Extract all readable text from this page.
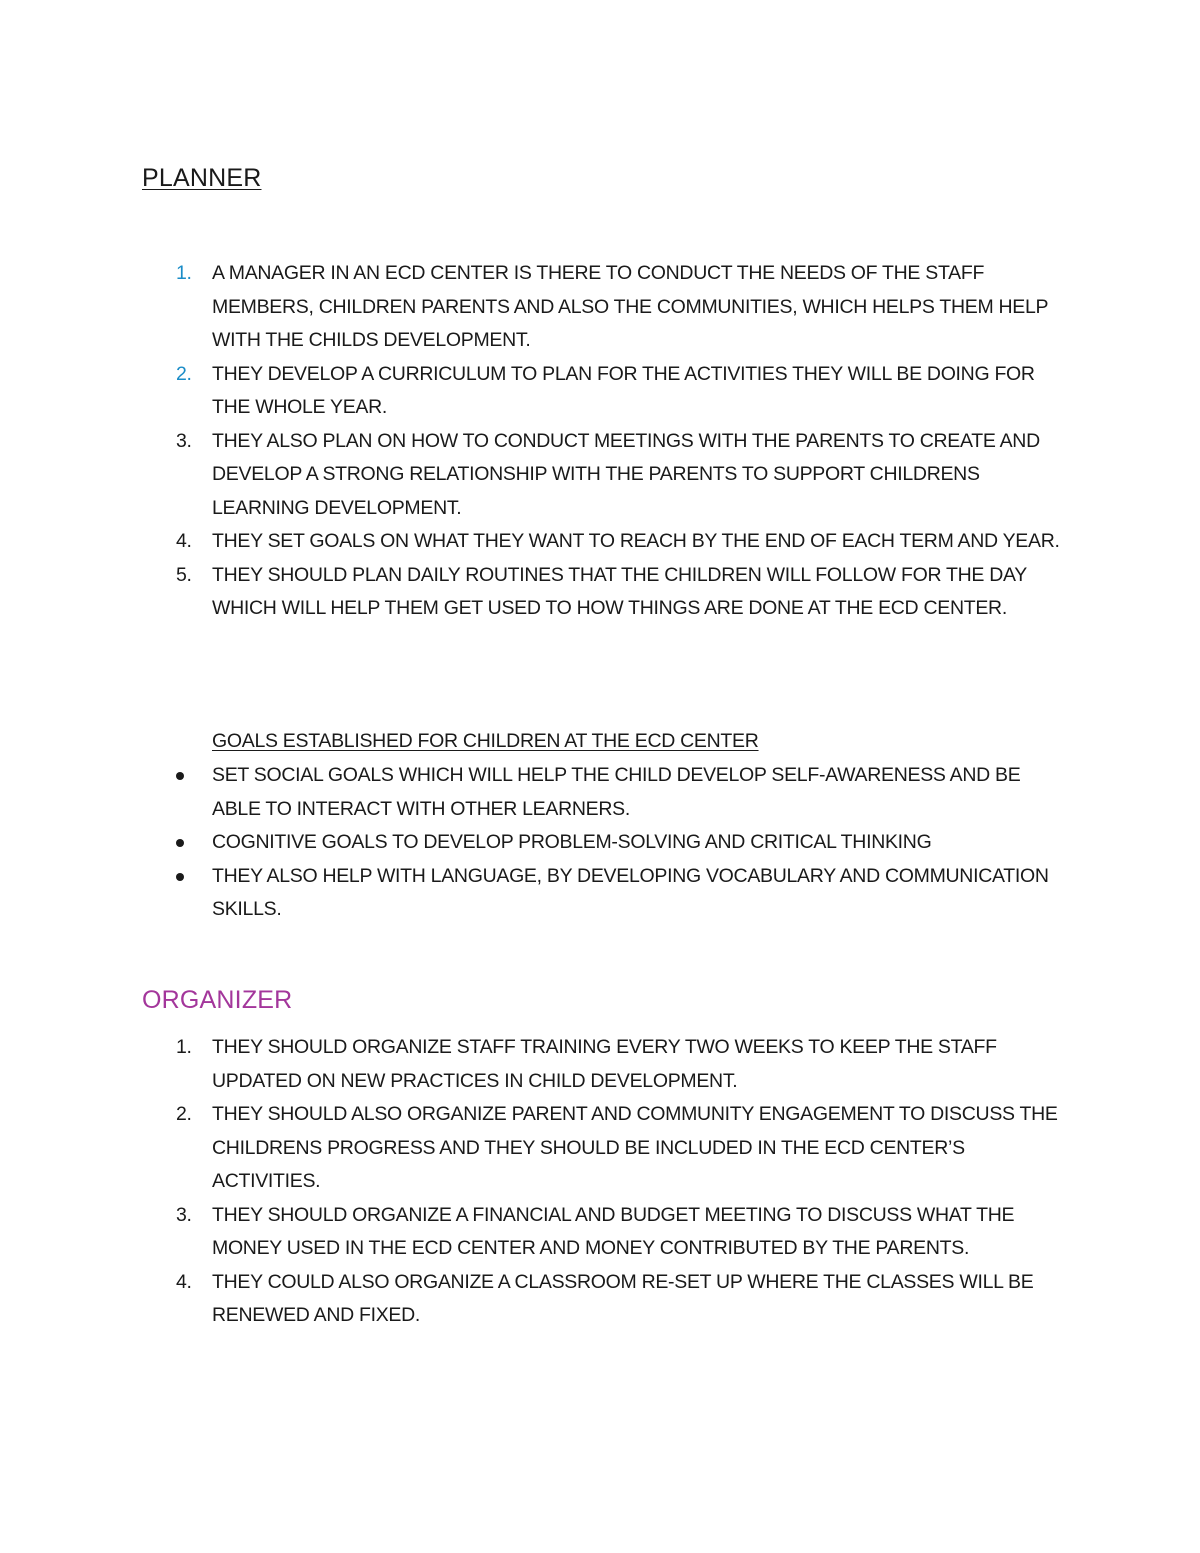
PLANNER
1. A MANAGER IN AN ECD CENTER IS THERE TO CONDUCT THE NEEDS OF THE STAFF MEMBERS, CHILDREN PARENTS AND ALSO THE COMMUNITIES, WHICH HELPS THEM HELP WITH THE CHILDS DEVELOPMENT.
2. THEY DEVELOP A CURRICULUM TO PLAN FOR THE ACTIVITIES THEY WILL BE DOING FOR THE WHOLE YEAR.
3. THEY ALSO PLAN ON HOW TO CONDUCT MEETINGS WITH THE PARENTS TO CREATE AND DEVELOP A STRONG RELATIONSHIP WITH THE PARENTS TO SUPPORT CHILDRENS LEARNING DEVELOPMENT.
4. THEY SET GOALS ON WHAT THEY WANT TO REACH BY THE END OF EACH TERM AND YEAR.
5. THEY SHOULD PLAN DAILY ROUTINES THAT THE CHILDREN WILL FOLLOW FOR THE DAY WHICH WILL HELP THEM GET USED TO HOW THINGS ARE DONE AT THE ECD CENTER.
GOALS ESTABLISHED FOR CHILDREN AT THE ECD CENTER
SET SOCIAL GOALS WHICH WILL HELP THE CHILD DEVELOP SELF-AWARENESS AND BE ABLE TO INTERACT WITH OTHER LEARNERS.
COGNITIVE GOALS TO DEVELOP PROBLEM-SOLVING AND CRITICAL THINKING
THEY ALSO HELP WITH LANGUAGE, BY DEVELOPING VOCABULARY AND COMMUNICATION SKILLS.
ORGANIZER
1. THEY SHOULD ORGANIZE STAFF TRAINING EVERY TWO WEEKS TO KEEP THE STAFF UPDATED ON NEW PRACTICES IN CHILD DEVELOPMENT.
2. THEY SHOULD ALSO ORGANIZE PARENT AND COMMUNITY ENGAGEMENT TO DISCUSS THE CHILDRENS PROGRESS AND THEY SHOULD BE INCLUDED IN THE ECD CENTER’S ACTIVITIES.
3. THEY SHOULD ORGANIZE A FINANCIAL AND BUDGET MEETING TO DISCUSS WHAT THE MONEY USED IN THE ECD CENTER AND MONEY CONTRIBUTED BY THE PARENTS.
4. THEY COULD ALSO ORGANIZE A CLASSROOM RE-SET UP WHERE THE CLASSES WILL BE RENEWED AND FIXED.
